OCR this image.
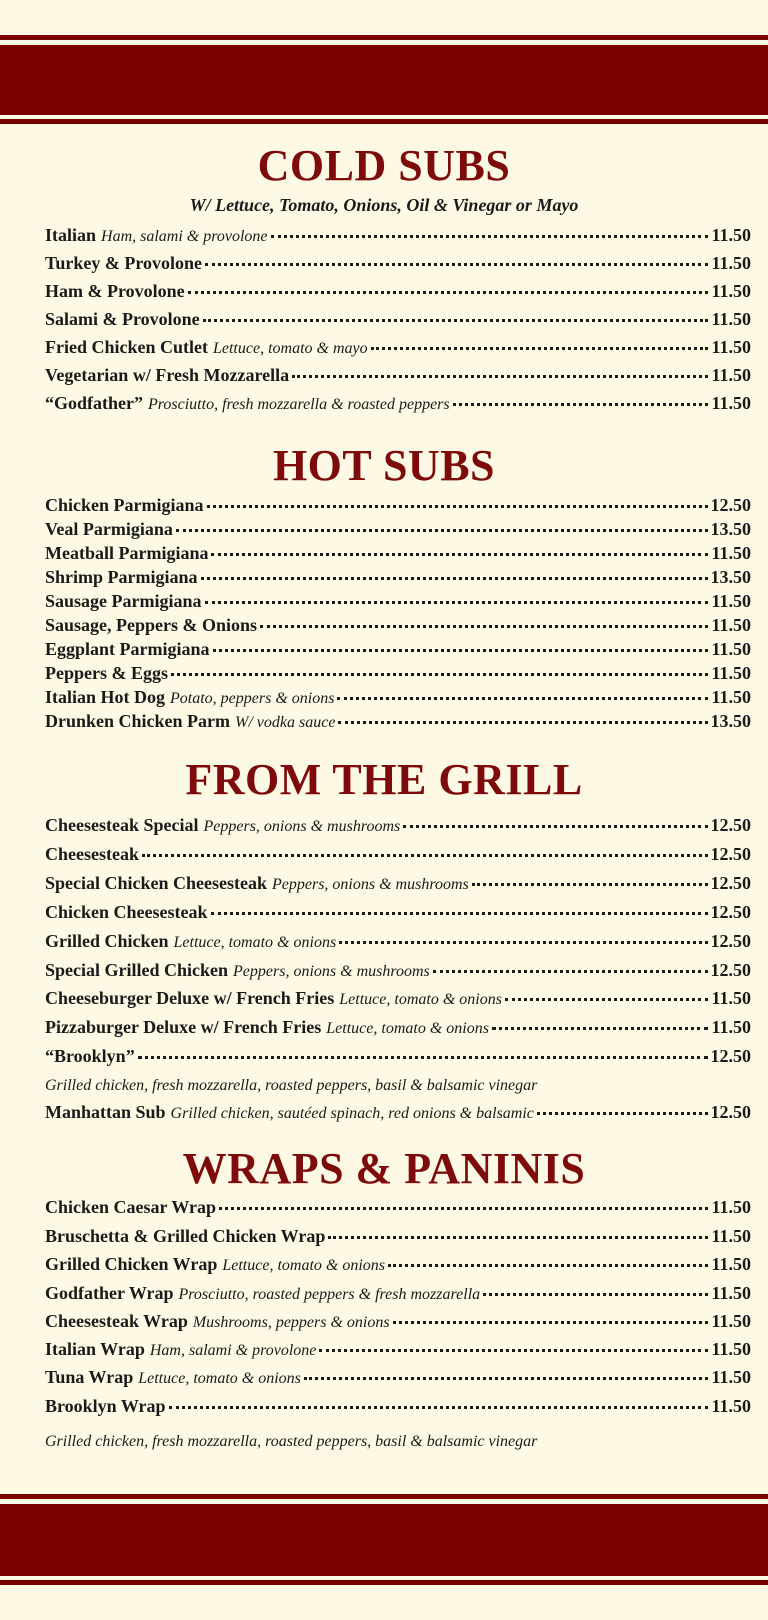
COLD SUBS
W/ Lettuce, Tomato, Onions, Oil & Vinegar or Mayo
Italian Ham, salami & provolone	11.50
Turkey & Provolone	11.50
Ham & Provolone	11.50
Salami & Provolone	11.50
Fried Chicken Cutlet Lettuce, tomato & mayo	11.50
Vegetarian w/ Fresh Mozzarella	11.50
“Godfather” Prosciutto, fresh mozzarella & roasted peppers	11.50
HOT SUBS
Chicken Parmigiana	12.50
Veal Parmigiana	13.50
Meatball Parmigiana	11.50
Shrimp Parmigiana	13.50
Sausage Parmigiana	11.50
Sausage, Peppers & Onions	11.50
Eggplant Parmigiana	11.50
Peppers & Eggs	11.50
Italian Hot Dog Potato, peppers & onions	11.50
Drunken Chicken Parm W/ vodka sauce	13.50
FROM THE GRILL
Cheesesteak Special Peppers, onions & mushrooms	12.50
Cheesesteak	12.50
Special Chicken Cheesesteak Peppers, onions & mushrooms	12.50
Chicken Cheesesteak	12.50
Grilled Chicken Lettuce, tomato & onions	12.50
Special Grilled Chicken Peppers, onions & mushrooms	12.50
Cheeseburger Deluxe w/ French Fries Lettuce, tomato & onions	11.50
Pizzaburger Deluxe w/ French Fries Lettuce, tomato & onions	11.50
“Brooklyn”	12.50
Manhattan Sub Grilled chicken, sautéed spinach, red onions & balsamic	12.50
Grilled chicken, fresh mozzarella, roasted peppers, basil & balsamic vinegar
WRAPS & PANINIS
Chicken Caesar Wrap	11.50
Bruschetta & Grilled Chicken Wrap	11.50
Grilled Chicken Wrap Lettuce, tomato & onions	11.50
Godfather Wrap Prosciutto, roasted peppers & fresh mozzarella	11.50
Cheesesteak Wrap Mushrooms, peppers & onions	11.50
Italian Wrap Ham, salami & provolone	11.50
Tuna Wrap Lettuce, tomato & onions	11.50
Brooklyn Wrap	11.50
Grilled chicken, fresh mozzarella, roasted peppers, basil & balsamic vinegar
